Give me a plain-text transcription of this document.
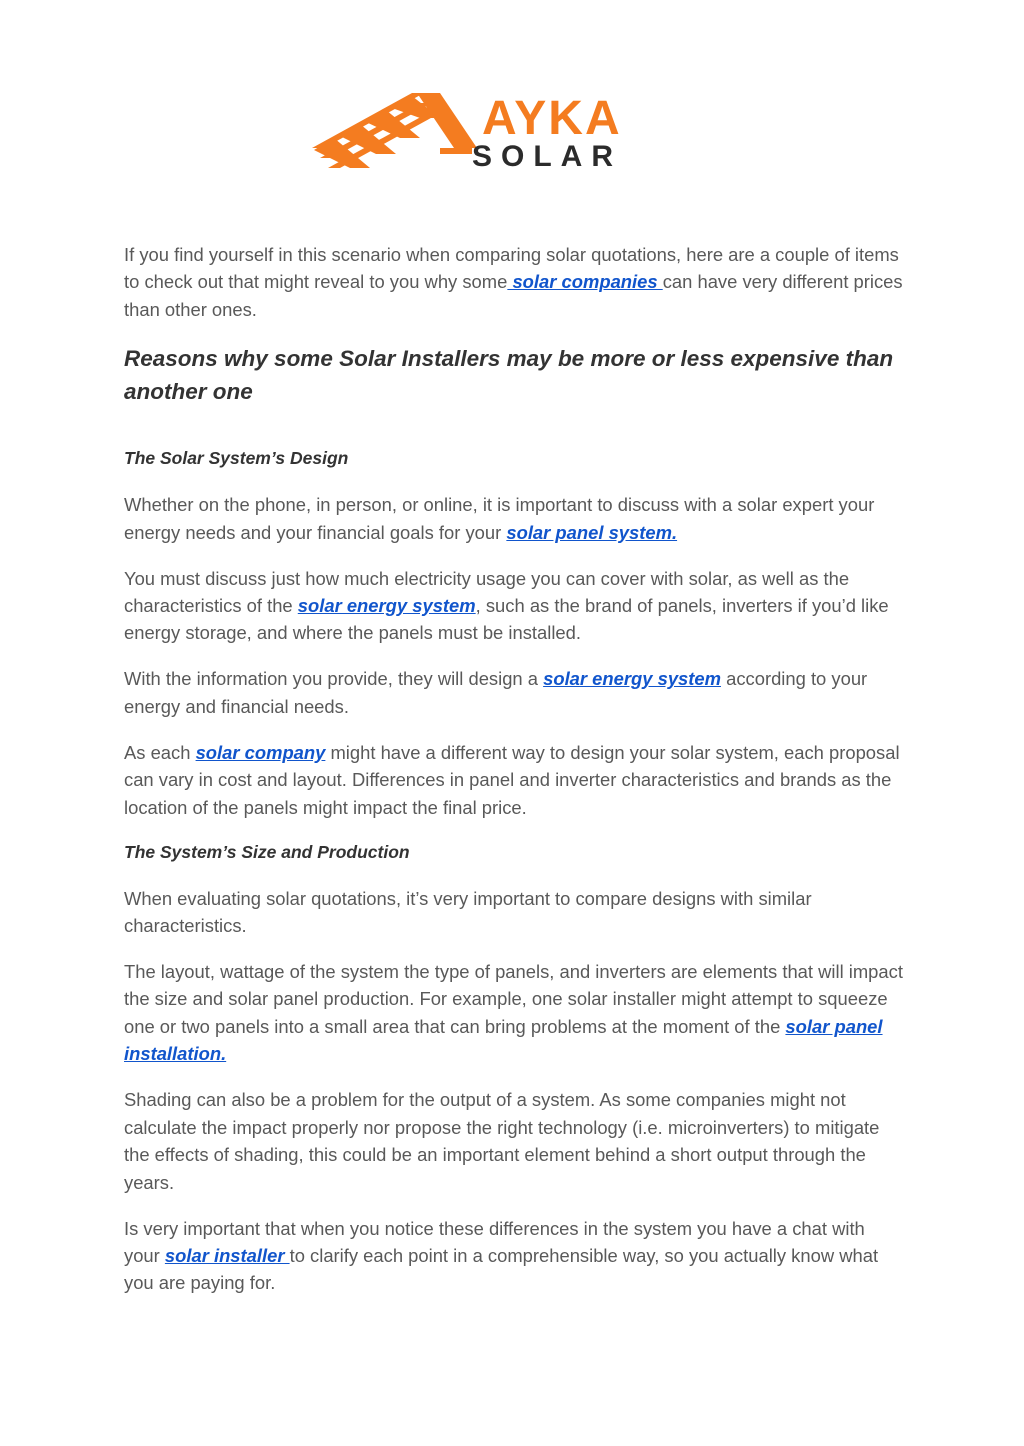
AYKA
SOLAR

If you find yourself in this scenario when comparing solar quotations, here are a couple of items to check out that might reveal to you why some solar companies can have very different prices than other ones.

Reasons why some Solar Installers may be more or less expensive than another one
The Solar System’s Design

Whether on the phone, in person, or online, it is important to discuss with a solar expert your energy needs and your financial goals for your solar panel system.

You must discuss just how much electricity usage you can cover with solar, as well as the characteristics of the solar energy system, such as the brand of panels, inverters if you’d like energy storage, and where the panels must be installed.

With the information you provide, they will design a solar energy system according to your energy and financial needs.

As each solar company might have a different way to design your solar system, each proposal can vary in cost and layout. Differences in panel and inverter characteristics and brands as the location of the panels might impact the final price.

The System’s Size and Production

When evaluating solar quotations, it’s very important to compare designs with similar characteristics.

The layout, wattage of the system the type of panels, and inverters are elements that will impact the size and solar panel production. For example, one solar installer might attempt to squeeze one or two panels into a small area that can bring problems at the moment of the solar panel installation.

Shading can also be a problem for the output of a system. As some companies might not calculate the impact properly nor propose the right technology (i.e. microinverters) to mitigate the effects of shading, this could be an important element behind a short output through the years.

Is very important that when you notice these differences in the system you have a chat with your solar installer to clarify each point in a comprehensible way, so you actually know what you are paying for.
